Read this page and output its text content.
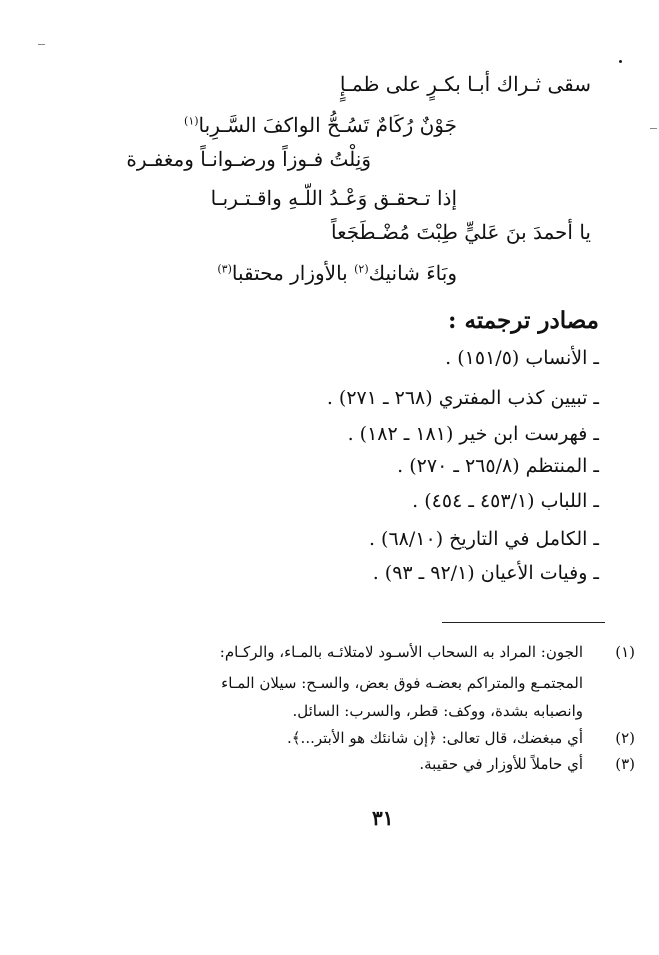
سقى ثـراك أبـا بكـرٍ على ظمـإٍ
جَوْنٌ رُكَامٌ تَسُـحُّ الواكفَ السَّـرِبا$^{(١)}$
وَنِلْتُ فـوزاً ورضـوانـاً ومغفـرة
إذا تـحقـق وَعْـدُ اللّـهِ واقـتـربـا
يا أحمدَ بنَ عَليٍّ طِبْتَ مُضْـطَجَعاً
وبَاءَ شانيك$^{(٢)}$ بالأوزار محتقبا$^{(٣)}$
مصادر ترجمته :
ـ الأنساب (١٥١/٥) .
ـ تبيين كذب المفتري (٢٦٨ ـ ٢٧١) .
ـ فهرست ابن خير (١٨١ ـ ١٨٢) .
ـ المنتظم (٢٦٥/٨ ـ ٢٧٠) .
ـ اللباب (٤٥٣/١ ـ ٤٥٤) .
ـ الكامل في التاريخ (٦٨/١٠) .
ـ وفيات الأعيان (٩٢/١ ـ ٩٣) .
(١)
الجون: المراد به السحاب الأسـود لامتلائـه بالمـاء، والركـام:
المجتمـع والمتراكم بعضـه فوق بعض، والسـح: سيلان المـاء
وانصبابه بشدة، ووكف: قطر، والسرب: السائل.
(٢)
أي مبغضك، قال تعالى: ﴿إن شانئك هو الأبتر...﴾.
(٣)
أي حاملاً للأوزار في حقيبة.
٣١
